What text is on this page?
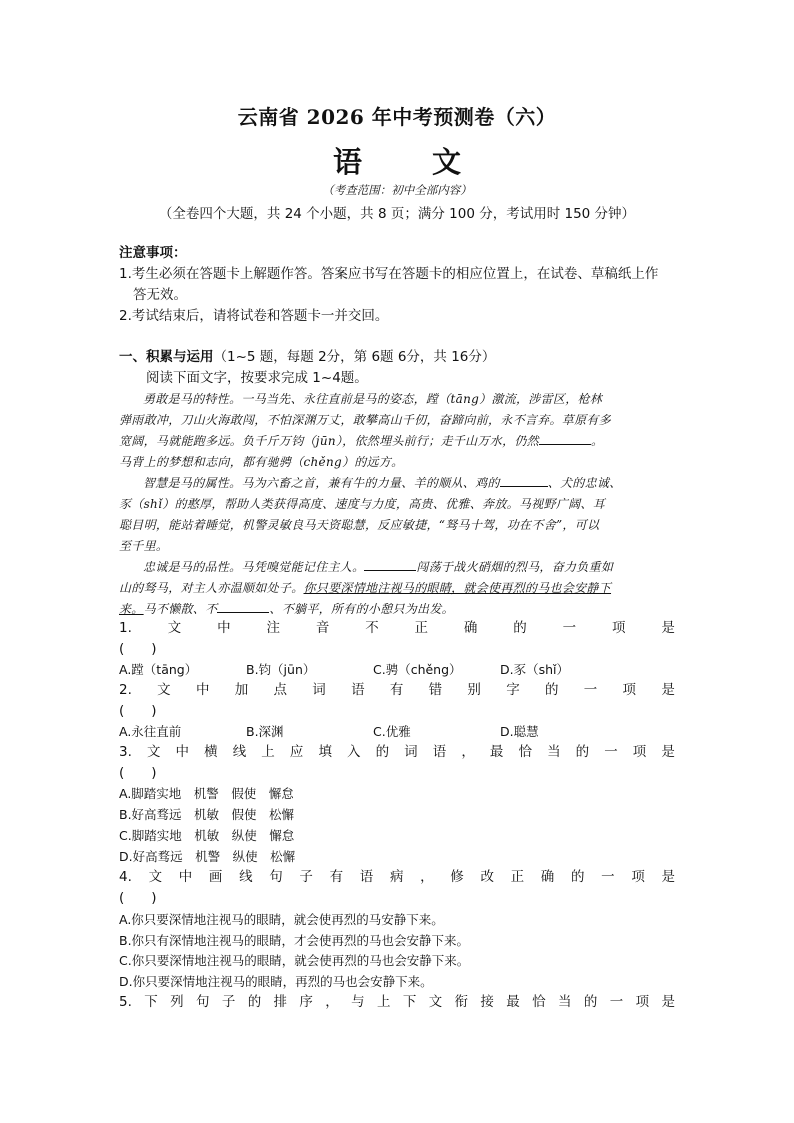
云南省 2026 年中考预测卷（六）
语 文
（考查范围：初中全部内容）
（全卷四个大题，共 24 个小题，共 8 页；满分 100 分，考试用时 150 分钟）
注意事项：
1.考生必须在答题卡上解题作答。答案应书写在答题卡的相应位置上，在试卷、草稿纸上作
答无效。
2.考试结束后，请将试卷和答题卡一并交回。
一、积累与运用（1~5 题，每题 2分，第 6题 6分，共 16分）
阅读下面文字，按要求完成 1~4题。

勇敢是马的特性。一马当先、永往直前是马的姿态，蹚（tāng）激流，涉雷区，枪林
弹雨敢冲，刀山火海敢闯，不怕深渊万丈，敢攀高山千仞，奋蹄向前，永不言弃。草原有多
宽阔，马就能跑多远。负千斤万钧（jūn），依然埋头前行；走千山万水，仍然	。
马背上的梦想和志向，都有驰骋（chěng）的远方。

智慧是马的属性。马为六畜之首，兼有牛的力量、羊的顺从、鸡的	、犬的忠诚、
豕（shǐ）的憨厚，帮助人类获得高度、速度与力度，高贵、优雅、奔放。马视野广阔、耳
聪目明，能站着睡觉，机警灵敏良马天资聪慧，反应敏捷，“驽马十驾，功在不舍”，可以
至千里。

忠诚是马的品性。马凭嗅觉能记住主人。	闯荡于战火硝烟的烈马，奋力负重如
山的驽马，对主人亦温顺如处子。你只要深情地注视马的眼睛，就会使再烈的马也会安静下
来。马不懒散、不	、不躺平，所有的小憩只为出发。

1.	文	中	注	音	不	正	确	的	一	项	是
(　　)
A.蹚（tāng）	B.钧（jūn）	C.骋（chěng）	D.豕（shǐ）
2. 文 中 加 点 词 语 有 错 别 字 的 一 项 是
(　　)
A.永往直前	B.深渊	C.优雅	D.聪慧
3. 文 中 横 线 上 应 填 入 的 词 语 ， 最 恰 当 的 一 项 是
(　　)
A.脚踏实地　机警　假使　懈怠
B.好高骛远　机敏　假使　松懈
C.脚踏实地　机敏　纵使　懈怠
D.好高骛远　机警　纵使　松懈
4. 文 中 画 线 句 子 有 语 病 ， 修 改 正 确 的 一 项 是
(　　)
A.你只要深情地注视马的眼睛，就会使再烈的马安静下来。
B.你只有深情地注视马的眼睛，才会使再烈的马也会安静下来。
C.你只要深情地注视马的眼睛，就会使再烈的马也会安静下来。
D.你只要深情地注视马的眼睛，再烈的马也会安静下来。
5. 下 列 句 子 的 排 序 ， 与 上 下 文 衔 接 最 恰 当 的 一 项 是
